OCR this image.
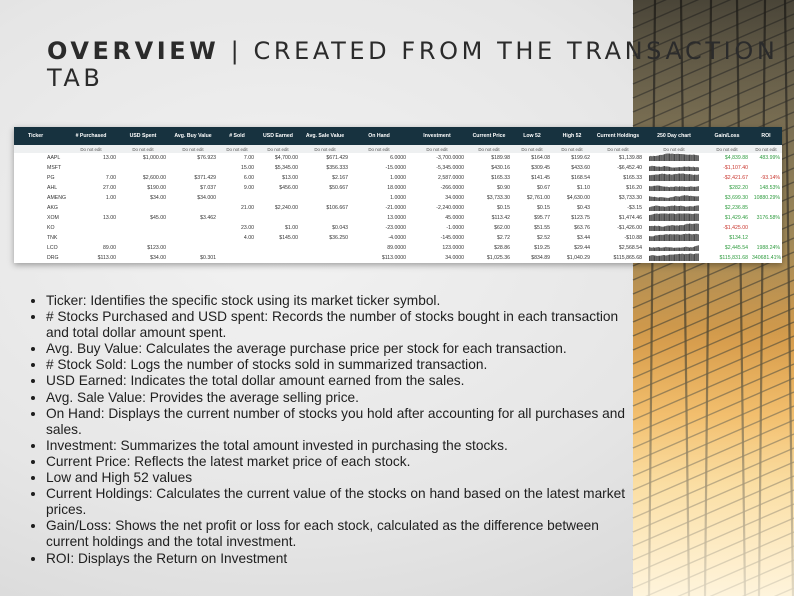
OVERVIEW | CREATED FROM THE TRANSACTION TAB
Ticker	# Purchased	USD Spent	Avg. Buy Value	# Sold	USD Earned	Avg. Sale Value	On Hand	Investment	Current Price	Low 52	High 52	Current Holdings	250 Day chart	Gain/Loss	ROI
	Do not edit	Do not edit	Do not edit	Do not edit	Do not edit	Do not edit	Do not edit	Do not edit	Do not edit	Do not edit	Do not edit	Do not edit	Do not edit	Do not edit	Do not edit
AAPL	13.00	$1,000.00	$76.923	7.00	$4,700.00	$671.429	6.0000	-3,700.0000	$189.98	$164.08	$199.62	$1,139.88		$4,839.88	483.99%
MSFT				15.00	$5,345.00	$356.333	-15.0000	-5,345.0000	$430.16	$309.45	$433.60	-$6,452.40		-$1,107.40	
PG	7.00	$2,600.00	$371.429	6.00	$13.00	$2.167	1.0000	2,587.0000	$165.33	$141.45	$168.54	$165.33		-$2,421.67	-93.14%
AHL	27.00	$190.00	$7.037	9.00	$456.00	$50.667	18.0000	-266.0000	$0.90	$0.67	$1.10	$16.20		$282.20	148.53%
AMENG	1.00	$34.00	$34.000				1.0000	34.0000	$3,733.30	$2,761.00	$4,630.00	$3,733.30		$3,699.30	10880.29%
AKG				21.00	$2,240.00	$106.667	-21.0000	-2,240.0000	$0.15	$0.15	$0.43	-$3.15		$2,236.85	
XOM	13.00	$45.00	$3.462				13.0000	45.0000	$113.42	$95.77	$123.75	$1,474.46		$1,429.46	3176.58%
KO				23.00	$1.00	$0.043	-23.0000	-1.0000	$62.00	$51.55	$63.76	-$1,426.00		-$1,425.00	
TNK				4.00	$145.00	$36.250	-4.0000	-145.0000	$2.72	$2.52	$3.44	-$10.88		$134.12	
LCO	89.00	$123.00					89.0000	123.0000	$28.86	$19.25	$29.44	$2,568.54		$2,445.54	1988.24%
DRG	$113.00	$34.00	$0.301				$113.0000	34.0000	$1,025.36	$834.89	$1,040.29	$115,865.68		$115,831.68	340681.41%
• Ticker: Identifies the specific stock using its market ticker symbol.
• # Stocks Purchased and USD spent: Records the number of stocks bought in each transaction and total dollar amount spent.
• Avg. Buy Value: Calculates the average purchase price per stock for each transaction.
• # Stock Sold: Logs the number of stocks sold in summarized transaction.
• USD Earned: Indicates the total dollar amount earned from the sales.
• Avg. Sale Value: Provides the average selling price.
• On Hand: Displays the current number of stocks you hold after accounting for all purchases and sales.
• Investment: Summarizes the total amount invested in purchasing the stocks.
• Current Price: Reflects the latest market price of each stock.
• Low and High 52 values
• Current Holdings: Calculates the current value of the stocks on hand based on the latest market prices.
• Gain/Loss: Shows the net profit or loss for each stock, calculated as the difference between current holdings and the total investment.
• ROI: Displays the Return on Investment
